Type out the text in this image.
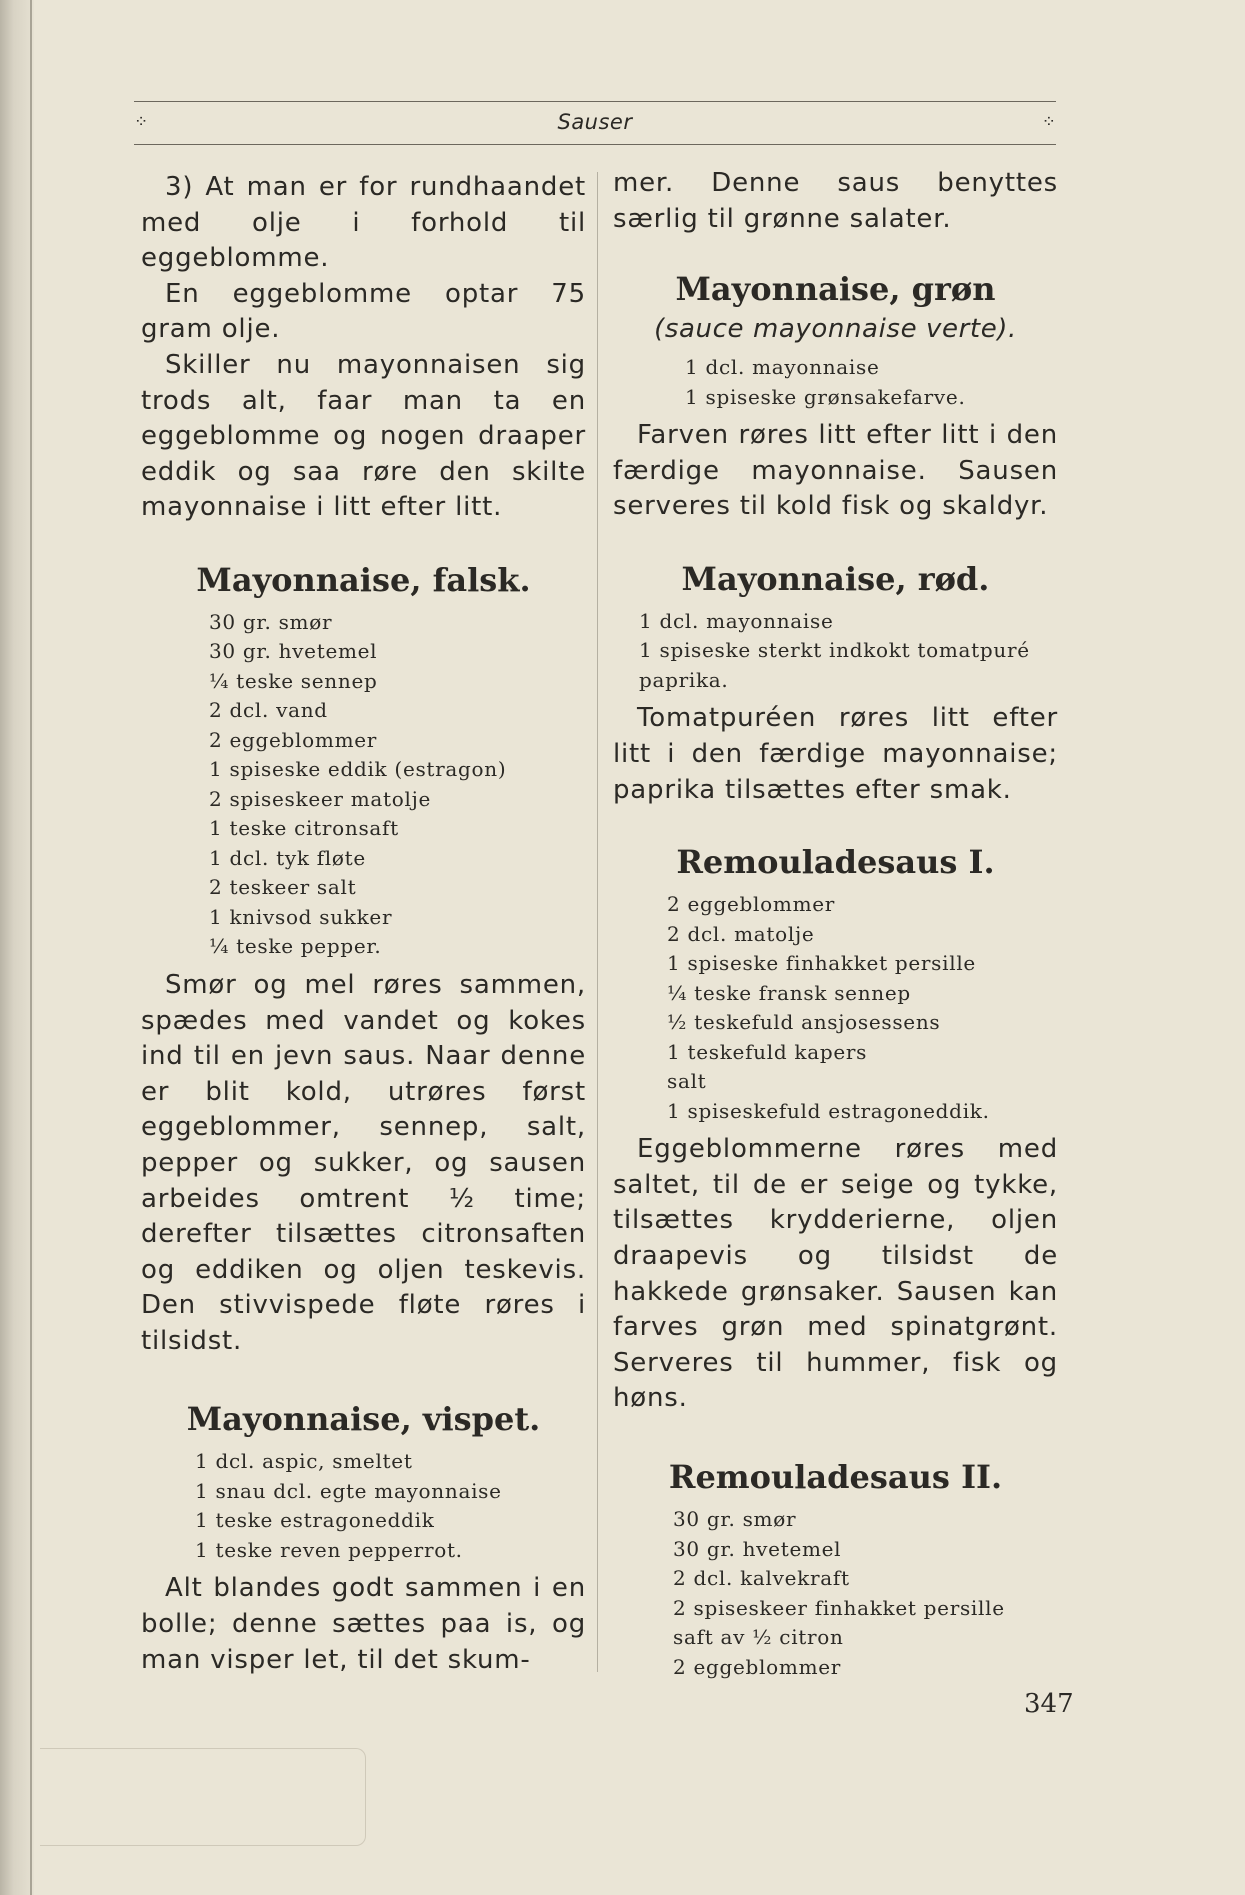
⁘	Sauser	⁘

3) At man er for rundhaandet med olje i forhold til eggeblomme.

En eggeblomme optar 75 gram olje.

Skiller nu mayonnaisen sig trods alt, faar man ta en eggeblomme og nogen draaper eddik og saa røre den skilte mayonnaise i litt efter litt.

Mayonnaise, falsk.
30 gr. smør
30 gr. hvetemel
¼ teske sennep
2 dcl. vand
2 eggeblommer
1 spiseske eddik (estragon)
2 spiseskeer matolje
1 teske citronsaft
1 dcl. tyk fløte
2 teskeer salt
1 knivsod sukker
¼ teske pepper.

Smør og mel røres sammen, spædes med vandet og kokes ind til en jevn saus. Naar denne er blit kold, utrøres først eggeblommer, sennep, salt, pepper og sukker, og sausen arbeides omtrent ½ time; derefter tilsættes citronsaften og eddiken og oljen teskevis. Den stivvispede fløte røres i tilsidst.

Mayonnaise, vispet.
1 dcl. aspic, smeltet
1 snau dcl. egte mayonnaise
1 teske estragoneddik
1 teske reven pepperrot.

Alt blandes godt sammen i en bolle; denne sættes paa is, og man visper let, til det skum-

mer. Denne saus benyttes særlig til grønne salater.

Mayonnaise, grøn

(sauce mayonnaise verte).

1 dcl. mayonnaise
1 spiseske grønsakefarve.

Farven røres litt efter litt i den færdige mayonnaise. Sausen serveres til kold fisk og skaldyr.

Mayonnaise, rød.
1 dcl. mayonnaise
1 spiseske sterkt indkokt tomatpuré
paprika.

Tomatpuréen røres litt efter litt i den færdige mayonnaise; paprika tilsættes efter smak.

Remouladesaus I.
2 eggeblommer
2 dcl. matolje
1 spiseske finhakket persille
¼ teske fransk sennep
½ teskefuld ansjosessens
1 teskefuld kapers
salt
1 spiseskefuld estragoneddik.

Eggeblommerne røres med saltet, til de er seige og tykke, tilsættes krydderierne, oljen draapevis og tilsidst de hakkede grønsaker. Sausen kan farves grøn med spinatgrønt. Serveres til hummer, fisk og høns.

Remouladesaus II.
30 gr. smør
30 gr. hvetemel
2 dcl. kalvekraft
2 spiseskeer finhakket persille
saft av ½ citron
2 eggeblommer
347
